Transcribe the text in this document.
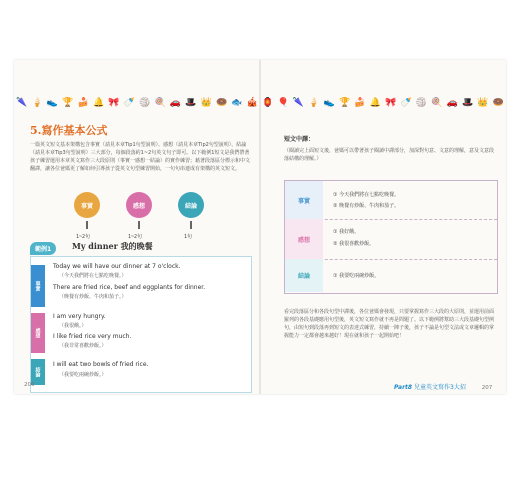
🌂 🍦 👟 🏆 🍰 🔔 🎀 🍼 🏐 🍭 🚗 🎩 👑 🍩 🐟 🎪 🏮 🎈 🌂 🍦 👟 🏆 🍰 🔔 🎀 🍼 🏐 🍭 🚗 🎩 👑 🍩
5.寫作基本公式
一篇英文短文基本架構包含事實（請見本章Tip1句型說明）、感想（請見本章Tip2句型說明）、結論（請見本章Tip3句型說明）三大部分，每個段落約1~2句英文句子即可。以下範例1短文是我們帶著孩子練習運用本章英文寫作三大段原則（事實一感想一結論）的實作練習；藉著段落區分標示和中文翻譯，讓各位爸媽更了解如何引導孩子從英文句型練習開始，一句句串連成有架構的英文短文。
事實	感想	結論
1~2句	1~2句	1句
範例1	My dinner 我的晚餐
事實
Today we will have our dinner at 7 o'clock.
（今天我們將在七點吃晚餐。）
There are fried rice, beef and eggplants for dinner.
（晚餐有炒飯、牛肉和茄子。）
感想
I am very hungry.
（我很餓。）
I like fried rice very much.
（我非常喜歡炒飯。）
結論
I will eat two bowls of fried rice.
（我要吃兩碗炒飯。）
206
短文中譯：
（閱讀完上面短文後，爸媽可以帶著孩子閱讀中譯部分，加深對句意、文意的理解，意及文意段落結構的理解。）
事實
① 今天我們將在七點吃晚餐。
② 晚餐有炒飯、牛肉和茄子。
感想
① 我好餓。
② 我很喜歡炒飯。
結論	① 我要吃兩碗炒飯。
看完段落區分和各段句型中譯後，各位爸媽會發現，只要掌握寫作三大段的大原則，並運用前面羅列的各段基礎應用句型後，英文短文寫作就不再是問題了。以下範例將幫助三大段基礎句型例句，由短句到段落再到短文的表達式練習，持續一陣子後，孩子不論是句型文法或文章邏輯的掌握能力一定都會越來越好！現在就和孩子一起開始吧！
Part8 兒童英文寫作3大招	207
